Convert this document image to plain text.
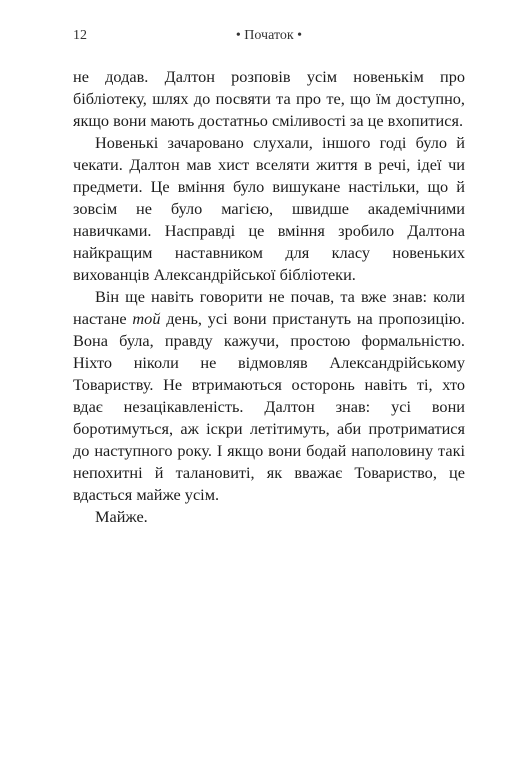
12	• Початок •

не додав. Далтон розповів усім новенькім про бібліотеку, шлях до посвяти та про те, що їм доступно, якщо вони мають достатньо сміливості за це вхопитися.

Новенькі зачаровано слухали, іншого годі було й чекати. Далтон мав хист вселяти життя в речі, ідеї чи предмети. Це вміння було вишукане настільки, що й зовсім не було магією, швидше академічними навичками. Насправді це вміння зробило Далтона найкращим наставником для класу новеньких вихованців Александрійської бібліотеки.

Він ще навіть говорити не почав, та вже знав: коли настане той день, усі вони пристануть на пропозицію. Вона була, правду кажучи, простою формальністю. Ніхто ніколи не відмовляв Александрійському Товариству. Не втримаються осторонь навіть ті, хто вдає незацікавленість. Далтон знав: усі вони боротимуться, аж іскри летітимуть, аби протриматися до наступного року. І якщо вони бодай наполовину такі непохитні й талановиті, як вважає Товариство, це вдасться майже усім.

Майже.
